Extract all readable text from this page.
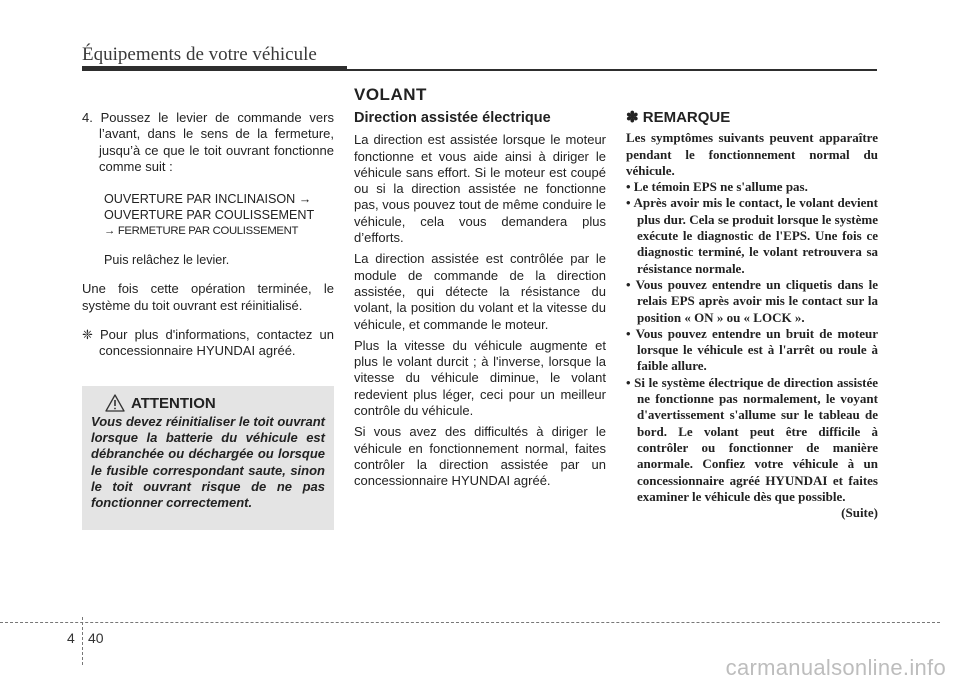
Équipements de votre véhicule

4. Poussez le levier de commande vers l’avant, dans le sens de la fermeture, jusqu’à ce que le toit ouvrant fonctionne comme suit :

OUVERTURE PAR INCLINAISON →
OUVERTURE PAR COULISSEMENT
→ FERMETURE PAR COULISSEMENT
Puis relâchez le levier.

Une fois cette opération terminée, le système du toit ouvrant est réinitialisé.

❈ Pour plus d'informations, contactez un concessionnaire HYUNDAI agréé.

ATTENTION
Vous devez réinitialiser le toit ouvrant lorsque la batterie du véhicule est débranchée ou déchargée ou lorsque le fusible correspondant saute, sinon le toit ouvrant risque de ne pas fonctionner correctement.
VOLANT
Direction assistée électrique

La direction est assistée lorsque le moteur fonctionne et vous aide ainsi à diriger le véhicule sans effort. Si le moteur est coupé ou si la direction assistée ne fonctionne pas, vous pouvez tout de même conduire le véhicule, cela vous demandera plus d’efforts.

La direction assistée est contrôlée par le module de commande de la direction assistée, qui détecte la résistance du volant, la position du volant et la vitesse du véhicule, et commande le moteur.

Plus la vitesse du véhicule augmente et plus le volant durcit ; à l'inverse, lorsque la vitesse du véhicule diminue, le volant redevient plus léger, ceci pour un meilleur contrôle du véhicule.

Si vous avez des difficultés à diriger le véhicule en fonctionnement normal, faites contrôler la direction assistée par un concessionnaire HYUNDAI agréé.

✽ REMARQUE

Les symptômes suivants peuvent apparaître pendant le fonctionnement normal du véhicule.

• Le témoin EPS ne s'allume pas.

• Après avoir mis le contact, le volant devient plus dur. Cela se produit lorsque le système exécute le diagnostic de l'EPS. Une fois ce diagnostic terminé, le volant retrouvera sa résistance normale.

• Vous pouvez entendre un cliquetis dans le relais EPS après avoir mis le contact sur la position « ON » ou « LOCK ».

• Vous pouvez entendre un bruit de moteur lorsque le véhicule est à l'arrêt ou roule à faible allure.

• Si le système électrique de direction assistée ne fonctionne pas normalement, le voyant d'avertissement s'allume sur le tableau de bord. Le volant peut être difficile à contrôler ou fonctionner de manière anormale. Confiez votre véhicule à un concessionnaire agréé HYUNDAI et faites examiner le véhicule dès que possible.

(Suite)

4 40
carmanualsonline.info
